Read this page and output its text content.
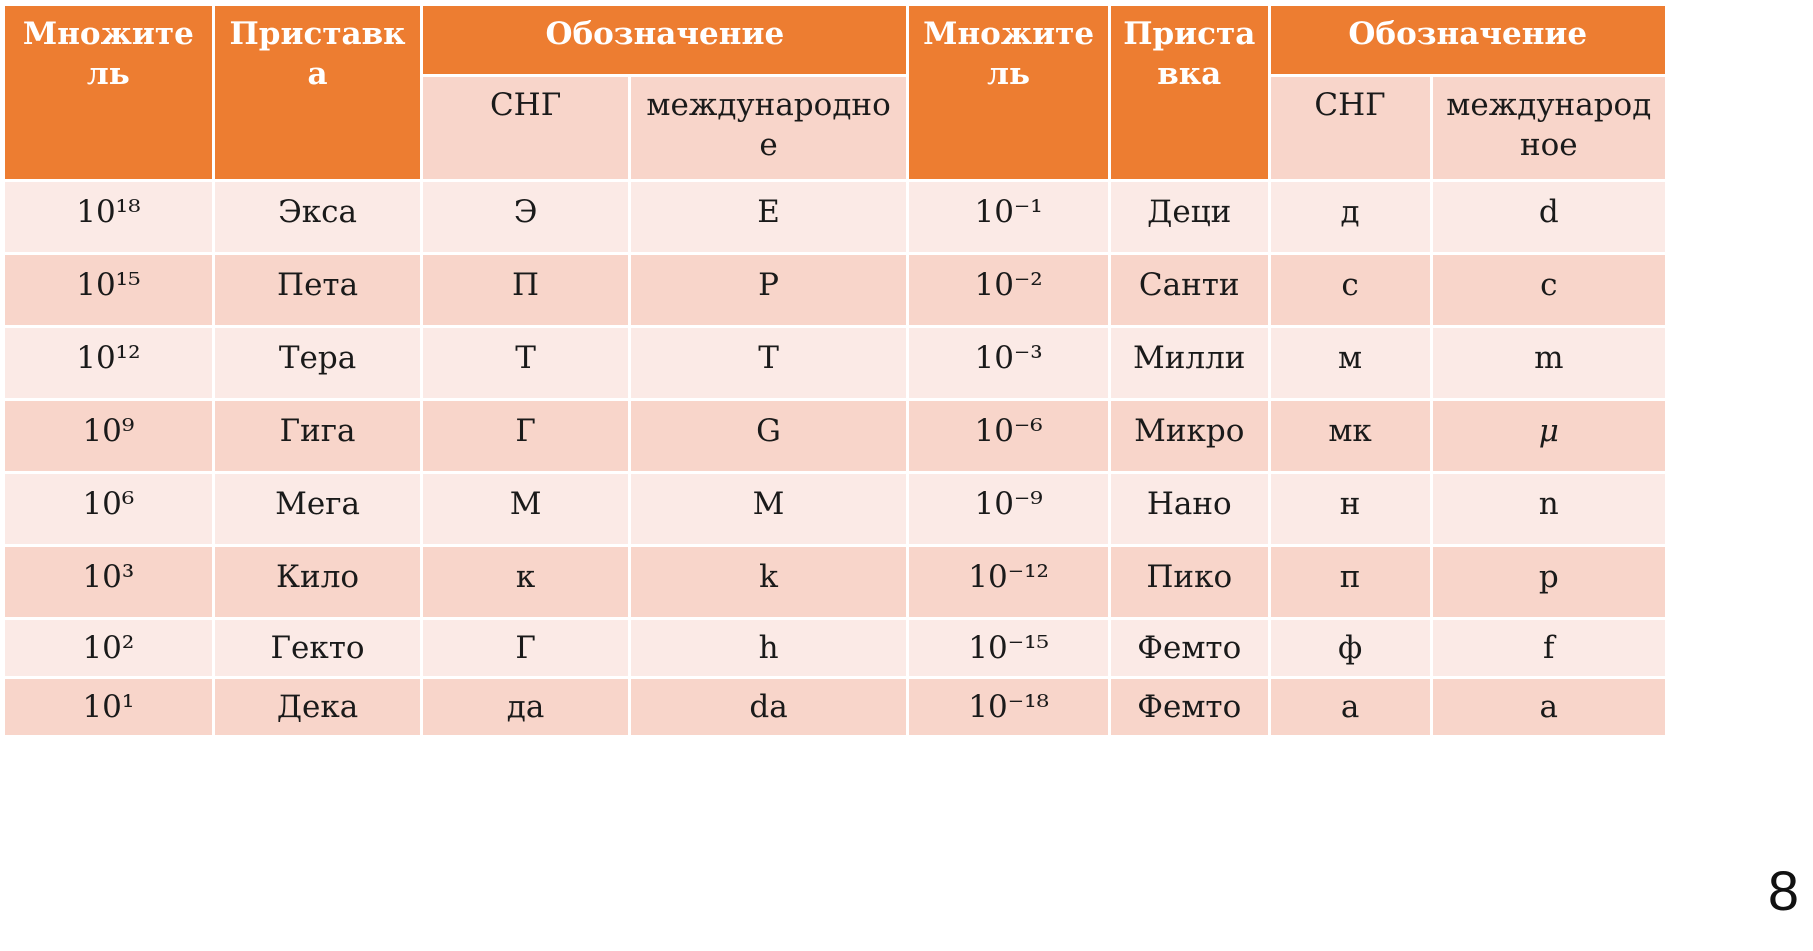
Множите ль	Приставк а	Обозначение		Множите ль	Приста вка	Обозначение	
		СНГ	международно е			СНГ	международ ное
10¹⁸	Экса	Э	E	10⁻¹	Деци	д	d
10¹⁵	Пета	П	P	10⁻²	Санти	с	c
10¹²	Тера	Т	T	10⁻³	Милли	м	m
10⁹	Гига	Г	G	10⁻⁶	Микро	мк	μ
10⁶	Мега	М	M	10⁻⁹	Нано	н	n
10³	Кило	к	k	10⁻¹²	Пико	п	p
10²	Гекто	Г	h	10⁻¹⁵	Фемто	ф	f
10¹	Дека	да	da	10⁻¹⁸	Фемто	а	a
8
